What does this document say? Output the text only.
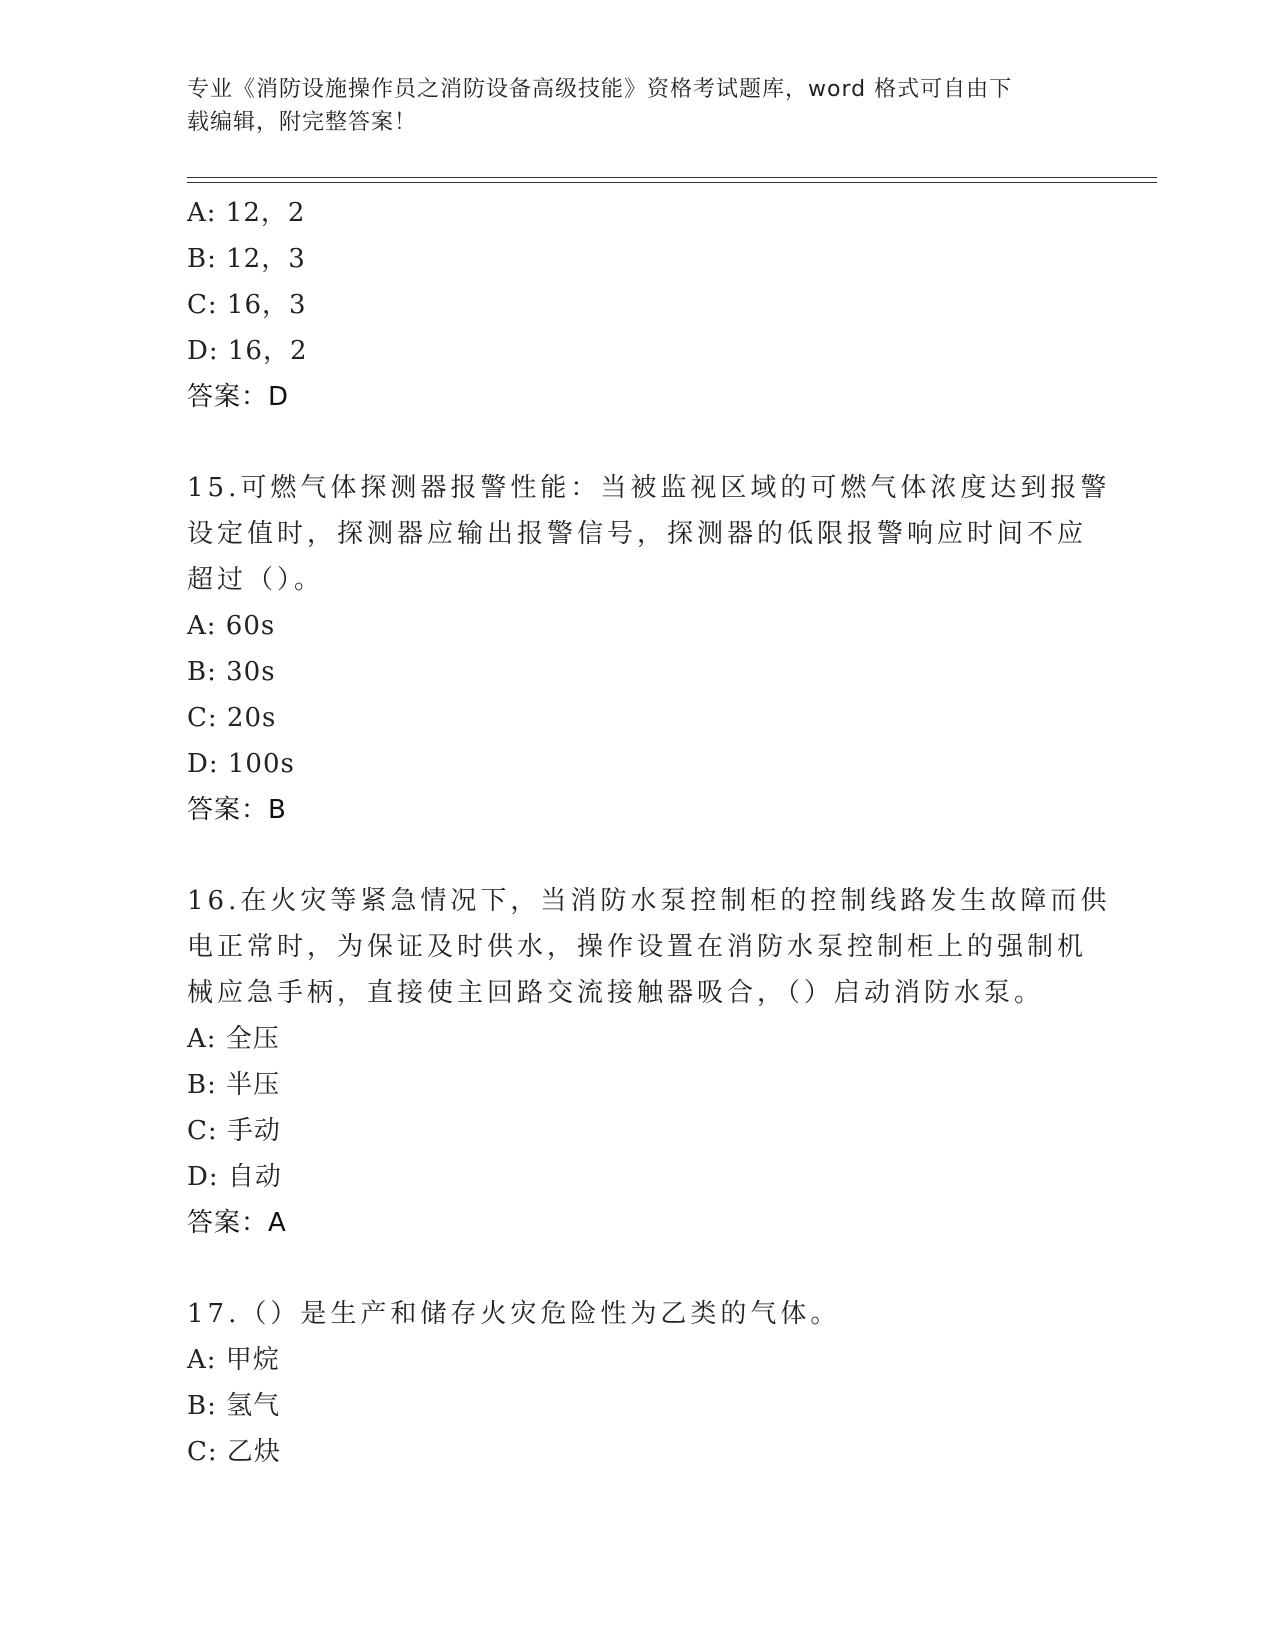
专业《消防设施操作员之消防设备高级技能》资格考试题库，word 格式可自由下
载编辑，附完整答案！
A: 12，2
B: 12，3
C: 16，3
D: 16，2
答案：D
15.可燃气体探测器报警性能：当被监视区域的可燃气体浓度达到报警
设定值时，探测器应输出报警信号，探测器的低限报警响应时间不应
超过（）。
A: 60s
B: 30s
C: 20s
D: 100s
答案：B
16.在火灾等紧急情况下，当消防水泵控制柜的控制线路发生故障而供
电正常时，为保证及时供水，操作设置在消防水泵控制柜上的强制机
械应急手柄，直接使主回路交流接触器吸合，（）启动消防水泵。
A: 全压
B: 半压
C: 手动
D: 自动
答案：A
17.（）是生产和储存火灾危险性为乙类的气体。
A: 甲烷
B: 氢气
C: 乙炔
